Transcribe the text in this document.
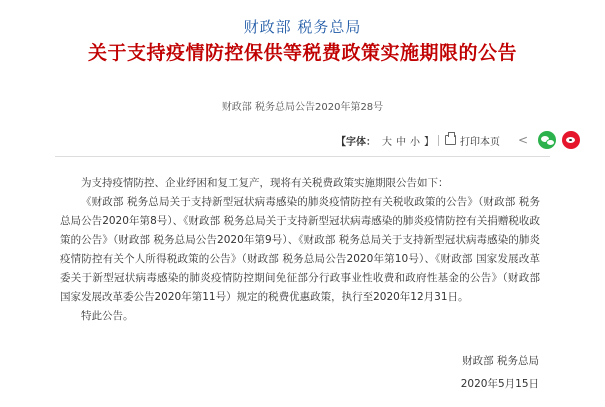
财政部 税务总局
关于支持疫情防控保供等税费政策实施期限的公告
财政部 税务总局公告2020年第28号
【字体： 大 中 小 】	打印本页 <

为支持疫情防控、企业纾困和复工复产，现将有关税费政策实施期限公告如下：

《财政部 税务总局关于支持新型冠状病毒感染的肺炎疫情防控有关税收政策的公告》（财政部 税务总局公告2020年第8号）、《财政部 税务总局关于支持新型冠状病毒感染的肺炎疫情防控有关捐赠税收政策的公告》（财政部 税务总局公告2020年第9号）、《财政部 税务总局关于支持新型冠状病毒感染的肺炎疫情防控有关个人所得税政策的公告》（财政部 税务总局公告2020年第10号）、《财政部 国家发展改革委关于新型冠状病毒感染的肺炎疫情防控期间免征部分行政事业性收费和政府性基金的公告》（财政部 国家发展改革委公告2020年第11号）规定的税费优惠政策，执行至2020年12月31日。

特此公告。

财政部 税务总局
2020年5月15日
